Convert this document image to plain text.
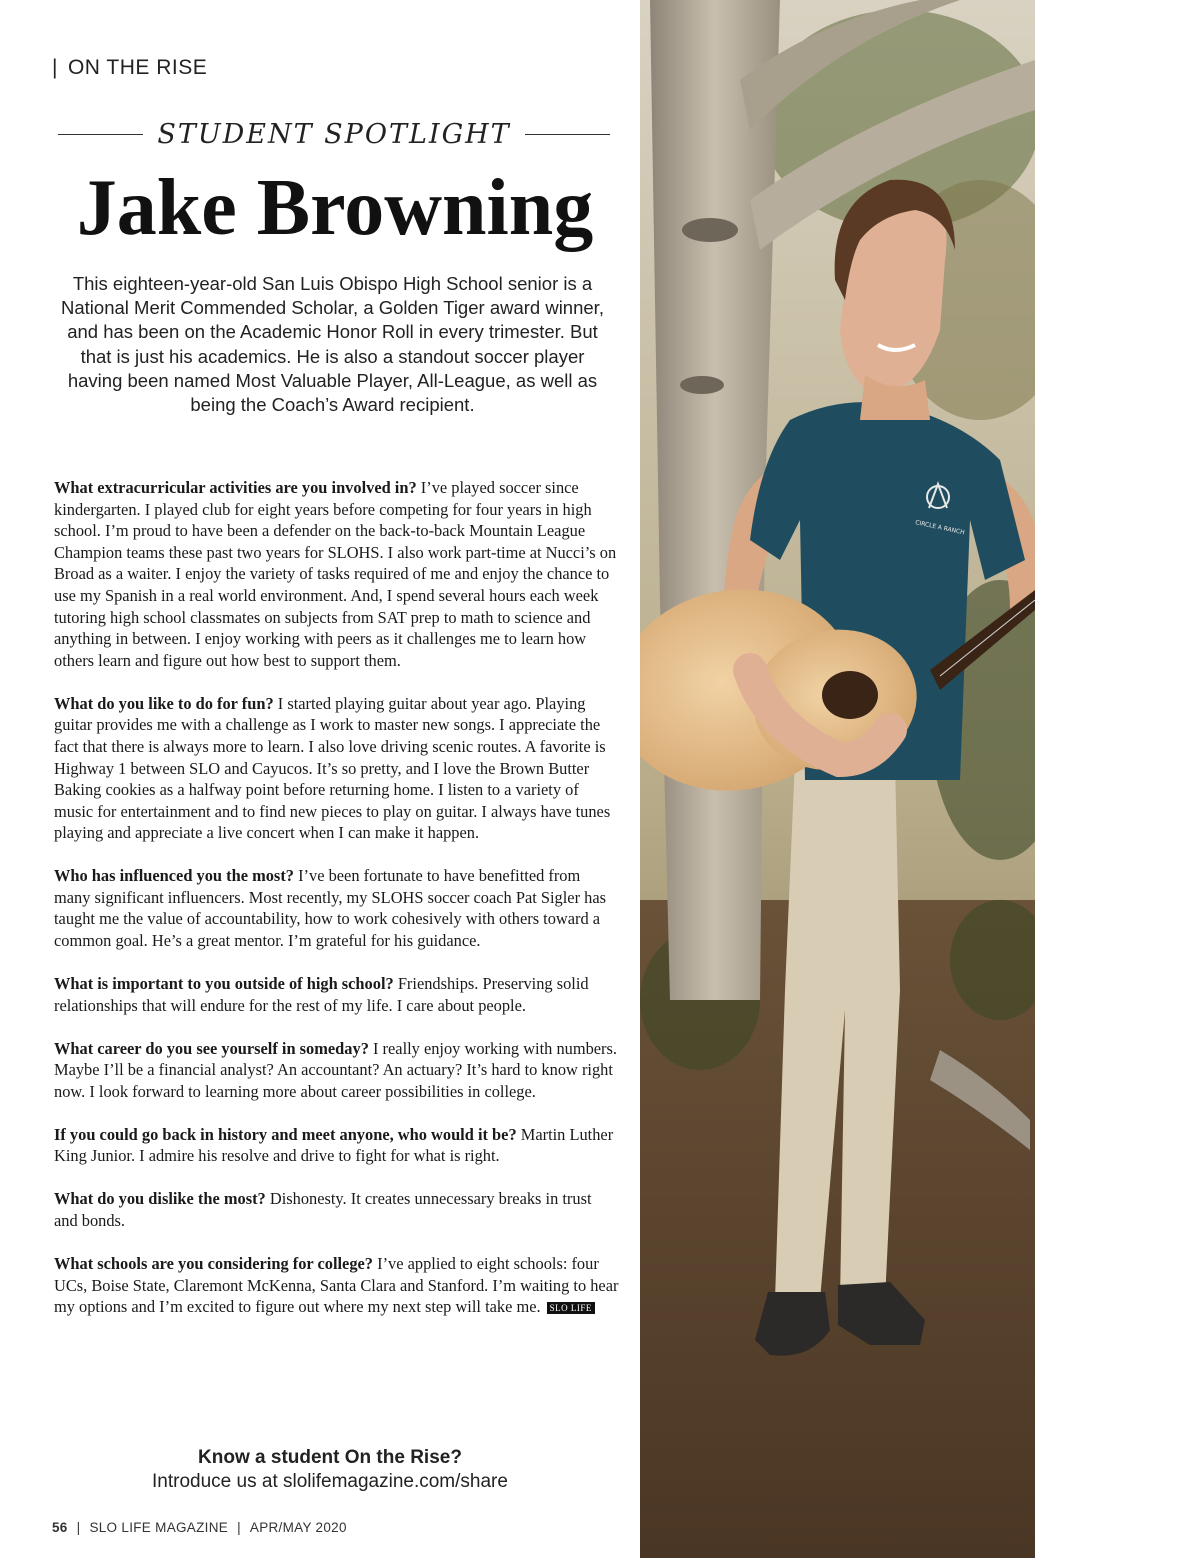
| ON THE RISE
STUDENT SPOTLIGHT
Jake Browning

This eighteen-year-old San Luis Obispo High School senior is a National Merit Commended Scholar, a Golden Tiger award winner, and has been on the Academic Honor Roll in every trimester. But that is just his academics. He is also a standout soccer player having been named Most Valuable Player, All-League, as well as being the Coach’s Award recipient.

What extracurricular activities are you involved in? I’ve played soccer since kindergarten. I played club for eight years before competing for four years in high school. I’m proud to have been a defender on the back-to-back Mountain League Champion teams these past two years for SLOHS. I also work part-time at Nucci’s on Broad as a waiter. I enjoy the variety of tasks required of me and enjoy the chance to use my Spanish in a real world environment. And, I spend several hours each week tutoring high school classmates on subjects from SAT prep to math to science and anything in between. I enjoy working with peers as it challenges me to learn how others learn and figure out how best to support them.

What do you like to do for fun? I started playing guitar about year ago. Playing guitar provides me with a challenge as I work to master new songs. I appreciate the fact that there is always more to learn. I also love driving scenic routes. A favorite is Highway 1 between SLO and Cayucos. It’s so pretty, and I love the Brown Butter Baking cookies as a halfway point before returning home. I listen to a variety of music for entertainment and to find new pieces to play on guitar. I always have tunes playing and appreciate a live concert when I can make it happen.

Who has influenced you the most? I’ve been fortunate to have benefitted from many significant influencers. Most recently, my SLOHS soccer coach Pat Sigler has taught me the value of accountability, how to work cohesively with others toward a common goal. He’s a great mentor. I’m grateful for his guidance.

What is important to you outside of high school? Friendships. Preserving solid relationships that will endure for the rest of my life. I care about people.

What career do you see yourself in someday? I really enjoy working with numbers. Maybe I’ll be a financial analyst? An accountant? An actuary? It’s hard to know right now. I look forward to learning more about career possibilities in college.

If you could go back in history and meet anyone, who would it be? Martin Luther King Junior. I admire his resolve and drive to fight for what is right.

What do you dislike the most? Dishonesty. It creates unnecessary breaks in trust and bonds.

What schools are you considering for college? I’ve applied to eight schools: four UCs, Boise State, Claremont McKenna, Santa Clara and Stanford. I’m waiting to hear my options and I’m excited to figure out where my next step will take me. SLO LIFE

Know a student On the Rise?
Introduce us at slolifemagazine.com/share
56 | SLO LIFE MAGAZINE | APR/MAY 2020
CIRCLE A RANCH
